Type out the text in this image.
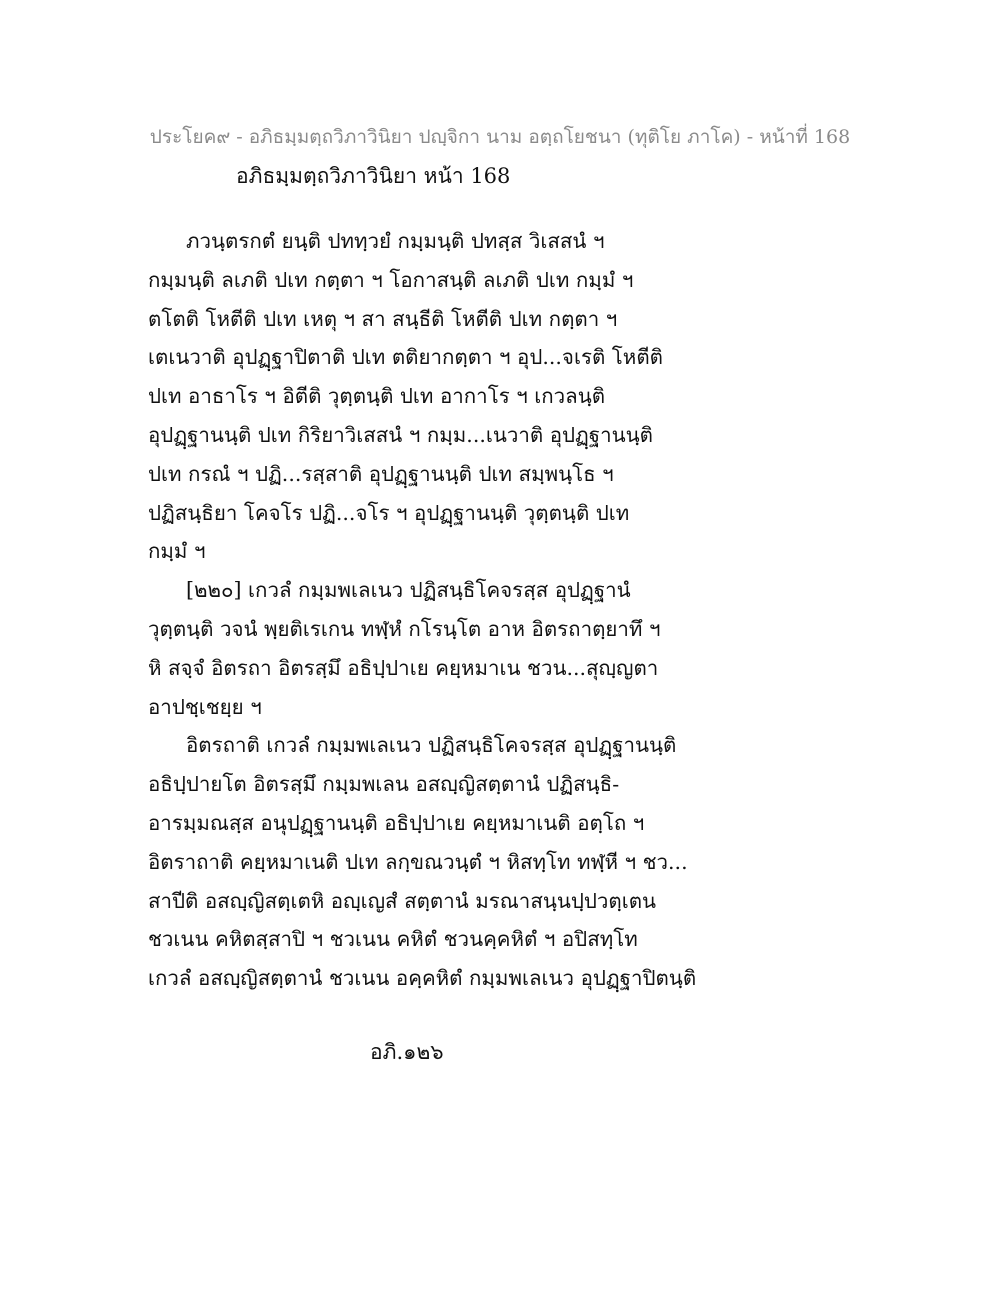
ประโยค๙ - อภิธมฺมตฺถวิภาวินิยา ปญฺจิกา นาม อตฺถโยชนา (ทุติโย ภาโค) - หน้าที่ 168
อภิธมฺมตฺถวิภาวินิยา หน้า 168
ภวนฺตรกตํ ยนฺติ ปททฺวยํ กมฺมนฺติ ปทสฺส วิเสสนํ ฯ
กมฺมนฺติ ลเภติ ปเท กตฺตา ฯ โอกาสนฺติ ลเภติ ปเท กมฺมํ ฯ
ตโตติ โหตีติ ปเท เหตุ ฯ สา สนฺธีติ โหตีติ ปเท กตฺตา ฯ
เตเนวาติ อุปฏฺฐาปิตาติ ปเท ตติยากตฺตา ฯ อุป...จเรติ โหตีติ
ปเท อาธาโร ฯ อิตีติ วุตฺตนฺติ ปเท อากาโร ฯ เกวลนฺติ
อุปฏฺฐานนฺติ ปเท กิริยาวิเสสนํ ฯ กมฺม...เนวาติ อุปฏฺฐานนฺติ
ปเท กรณํ ฯ ปฏิ...รสฺสาติ อุปฏฺฐานนฺติ ปเท สมฺพนฺโธ ฯ
ปฏิสนฺธิยา โคจโร ปฏิ...จโร ฯ อุปฏฺฐานนฺติ วุตฺตนฺติ ปเท
กมฺมํ ฯ
[๒๒๐] เกวลํ กมฺมพเลเนว ปฏิสนฺธิโคจรสฺส อุปฏฺฐานํ
วุตฺตนฺติ วจนํ พฺยติเรเกน ทฬฺหํ กโรนฺโต อาห อิตรถาตฺยาทึ ฯ
หิ สจฺจํ อิตรถา อิตรสฺมึ อธิปฺปาเย คยฺหมาเน ชวน...สุญฺญตา
อาปชฺเชยฺย ฯ
อิตรถาติ เกวลํ กมฺมพเลเนว ปฏิสนฺธิโคจรสฺส อุปฏฺฐานนฺติ
อธิปฺปายโต อิตรสฺมึ กมฺมพเลน อสญฺญิสตฺตานํ ปฏิสนฺธิ-
อารมฺมณสฺส อนุปฏฺฐานนฺติ อธิปฺปาเย คยฺหมาเนติ อตฺโถ ฯ
อิตราถาติ คยฺหมาเนติ ปเท ลกฺขณวนฺตํ ฯ หิสทฺโท ทฬฺหี ฯ ชว...
สาปีติ อสญฺญิสตฺเตหิ อญฺเญสํ สตฺตานํ มรณาสนฺนปฺปวตฺเตน
ชวเนน คหิตสฺสาปิ ฯ ชวเนน คหิตํ ชวนคฺคหิตํ ฯ อปิสทฺโท
เกวลํ อสญฺญิสตฺตานํ ชวเนน อคฺคหิตํ กมฺมพเลเนว อุปฏฺฐาปิตนฺติ
อภิ.๑๒๖
